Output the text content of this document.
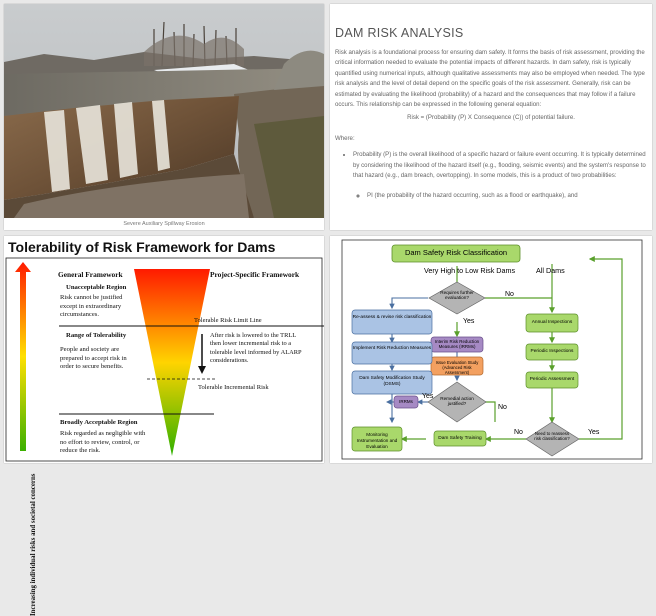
Severe Auxiliary Spillway Erosion
DAM RISK ANALYSIS

Risk analysis is a foundational process for ensuring dam safety. It forms the basis of risk assessment, providing the critical information needed to evaluate the potential impacts of different hazards. In dam safety, risk is typically quantified using numerical inputs, although qualitative assessments may also be employed when needed. The type risk analysis and the level of detail depend on the specific goals of the risk assessment. Generally, risk can be estimated by evaluating the likelihood (probability) of a hazard and the consequences that may follow if a failure occurs. This relationship can be expressed in the following general equation:

Risk = (Probability (P) X Consequence (C)) of potential failure.

Where:

• Probability (P) is the overall likelihood of a specific hazard or failure event occurring. It is typically determined by considering the likelihood of the hazard itself (e.g., flooding, seismic events) and the system's response to that hazard (e.g., dam breach, overtopping). In some models, this is a product of two probabilities:
◦ PI (the probability of the hazard occurring, such as a flood or earthquake), and
Tolerability of Risk Framework for Dams
Increasing individual risks and societal concerns
General Framework	Project-Specific Framework
Unacceptable Region
Risk cannot be justified except in extraordinary circumstances.
Range of Tolerability
People and society are prepared to accept risk in order to secure benefits.
Broadly Acceptable Region
Risk regarded as negligible with no effort to review, control, or reduce the risk.
Tolerable Risk Limit Line
After risk is lowered to the TRLL then lower incremental risk to a tolerable level informed by ALARP considerations.
Tolerable Incremental Risk
Dam Safety Risk Classification
Very High to Low Risk Dams	All Dams
Requires further evaluation?	No
Yes
Re-assess & revise risk classification
Interim Risk Reduction Measures (IRRMs)
Issue Evaluation Study (Advanced Risk Assessment)
Implement Risk Reduction Measures
Dam Safety Modification Study (DSMS)
IRRMs
Yes	Remedial action justified?
No
Annual Inspections
Periodic Inspections
Periodic Assessment
Monitoring Instrumentation and Evaluation
Dam Safety Training
No	Need to reassess risk classification?
Yes
